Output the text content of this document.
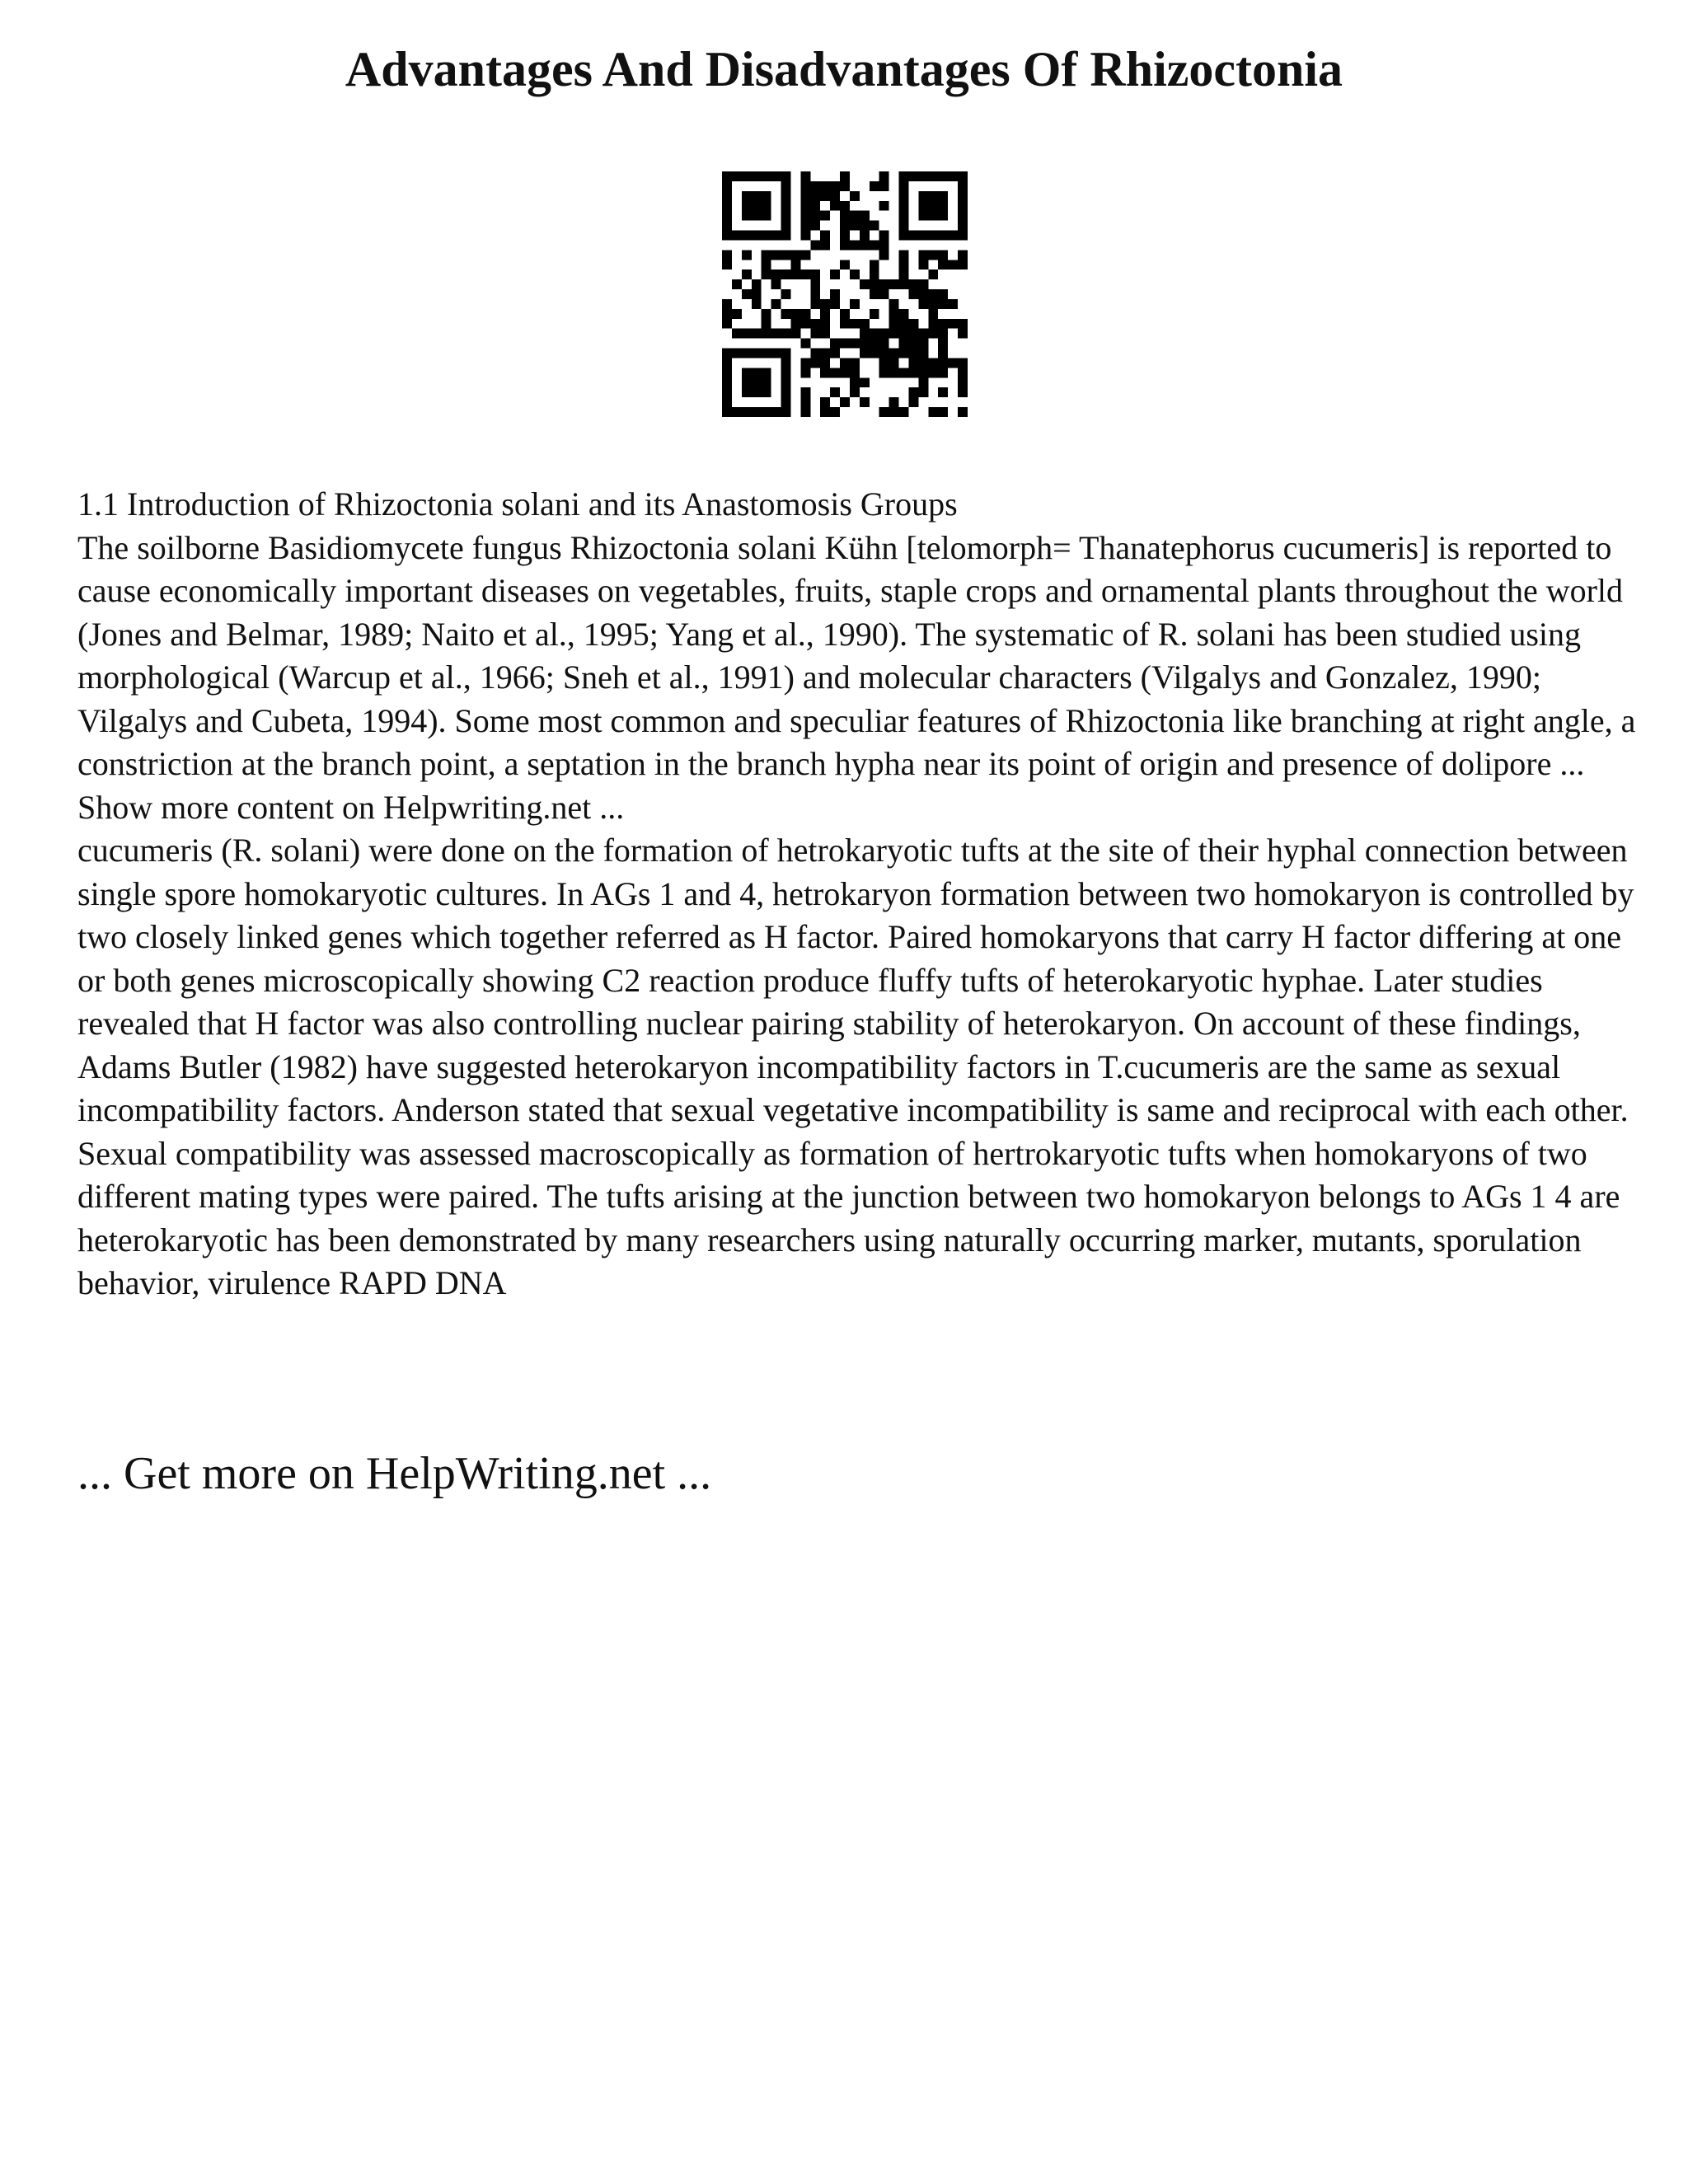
Advantages And Disadvantages Of Rhizoctonia

1.1 Introduction of Rhizoctonia solani and its Anastomosis Groups

The soilborne Basidiomycete fungus Rhizoctonia solani Kühn [telomorph= Thanatephorus cucumeris] is reported to cause economically important diseases on vegetables, fruits, staple crops and ornamental plants throughout the world (Jones and Belmar, 1989; Naito et al., 1995; Yang et al., 1990). The systematic of R. solani has been studied using morphological (Warcup et al., 1966; Sneh et al., 1991) and molecular characters (Vilgalys and Gonzalez, 1990; Vilgalys and Cubeta, 1994). Some most common and speculiar features of Rhizoctonia like branching at right angle, a constriction at the branch point, a septation in the branch hypha near its point of origin and presence of dolipore ... Show more content on Helpwriting.net ...

cucumeris (R. solani) were done on the formation of hetrokaryotic tufts at the site of their hyphal connection between single spore homokaryotic cultures. In AGs 1 and 4, hetrokaryon formation between two homokaryon is controlled by two closely linked genes which together referred as H factor. Paired homokaryons that carry H factor differing at one or both genes microscopically showing C2 reaction produce fluffy tufts of heterokaryotic hyphae. Later studies revealed that H factor was also controlling nuclear pairing stability of heterokaryon. On account of these findings, Adams Butler (1982) have suggested heterokaryon incompatibility factors in T.cucumeris are the same as sexual incompatibility factors. Anderson stated that sexual vegetative incompatibility is same and reciprocal with each other. Sexual compatibility was assessed macroscopically as formation of hertrokaryotic tufts when homokaryons of two different mating types were paired. The tufts arising at the junction between two homokaryon belongs to AGs 1 4 are heterokaryotic has been demonstrated by many researchers using naturally occurring marker, mutants, sporulation behavior, virulence RAPD DNA

... Get more on HelpWriting.net ...
